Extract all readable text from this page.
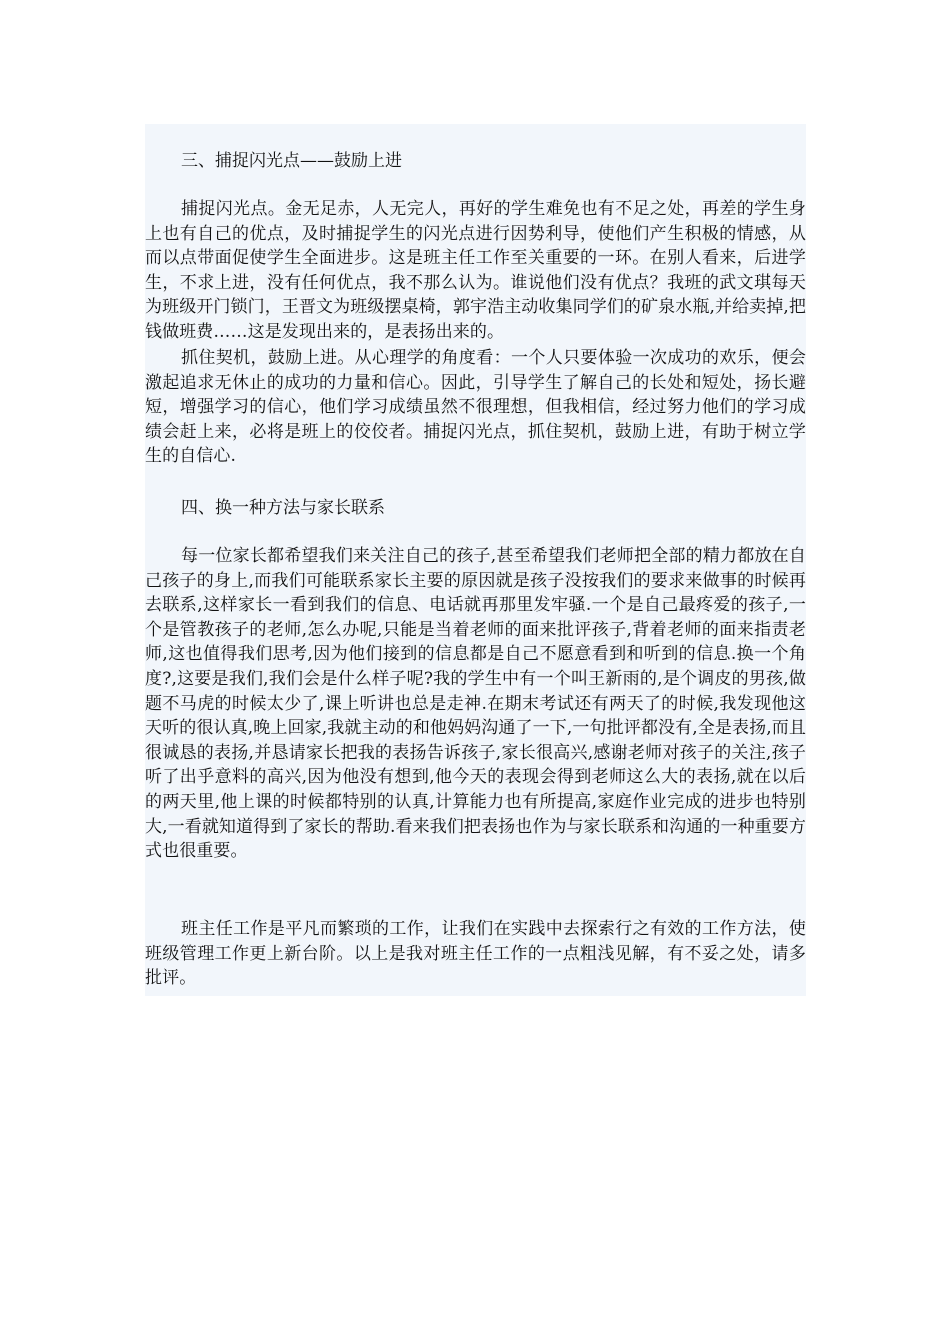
三、捕捉闪光点——鼓励上进

捕捉闪光点。金无足赤，人无完人，再好的学生难免也有不足之处，再差的学生身上也有自己的优点，及时捕捉学生的闪光点进行因势利导，使他们产生积极的情感，从而以点带面促使学生全面进步。这是班主任工作至关重要的一环。在别人看来，后进学生，不求上进，没有任何优点，我不那么认为。谁说他们没有优点？我班的武文琪每天为班级开门锁门，王晋文为班级摆桌椅，郭宇浩主动收集同学们的矿泉水瓶,并给卖掉,把钱做班费……这是发现出来的，是表扬出来的。

抓住契机，鼓励上进。从心理学的角度看：一个人只要体验一次成功的欢乐，便会激起追求无休止的成功的力量和信心。因此，引导学生了解自己的长处和短处，扬长避短，增强学习的信心，他们学习成绩虽然不很理想，但我相信，经过努力他们的学习成绩会赶上来，必将是班上的佼佼者。捕捉闪光点，抓住契机，鼓励上进，有助于树立学生的自信心.

四、换一种方法与家长联系

每一位家长都希望我们来关注自己的孩子,甚至希望我们老师把全部的精力都放在自己孩子的身上,而我们可能联系家长主要的原因就是孩子没按我们的要求来做事的时候再去联系,这样家长一看到我们的信息、电话就再那里发牢骚.一个是自己最疼爱的孩子,一个是管教孩子的老师,怎么办呢,只能是当着老师的面来批评孩子,背着老师的面来指责老师,这也值得我们思考,因为他们接到的信息都是自己不愿意看到和听到的信息.换一个角度?,这要是我们,我们会是什么样子呢?我的学生中有一个叫王新雨的,是个调皮的男孩,做题不马虎的时候太少了,课上听讲也总是走神.在期末考试还有两天了的时候,我发现他这天听的很认真,晚上回家,我就主动的和他妈妈沟通了一下,一句批评都没有,全是表扬,而且很诚恳的表扬,并恳请家长把我的表扬告诉孩子,家长很高兴,感谢老师对孩子的关注,孩子听了出乎意料的高兴,因为他没有想到,他今天的表现会得到老师这么大的表扬,就在以后的两天里,他上课的时候都特别的认真,计算能力也有所提高,家庭作业完成的进步也特别大,一看就知道得到了家长的帮助.看来我们把表扬也作为与家长联系和沟通的一种重要方式也很重要。

班主任工作是平凡而繁琐的工作，让我们在实践中去探索行之有效的工作方法，使班级管理工作更上新台阶。以上是我对班主任工作的一点粗浅见解，有不妥之处，请多批评。
